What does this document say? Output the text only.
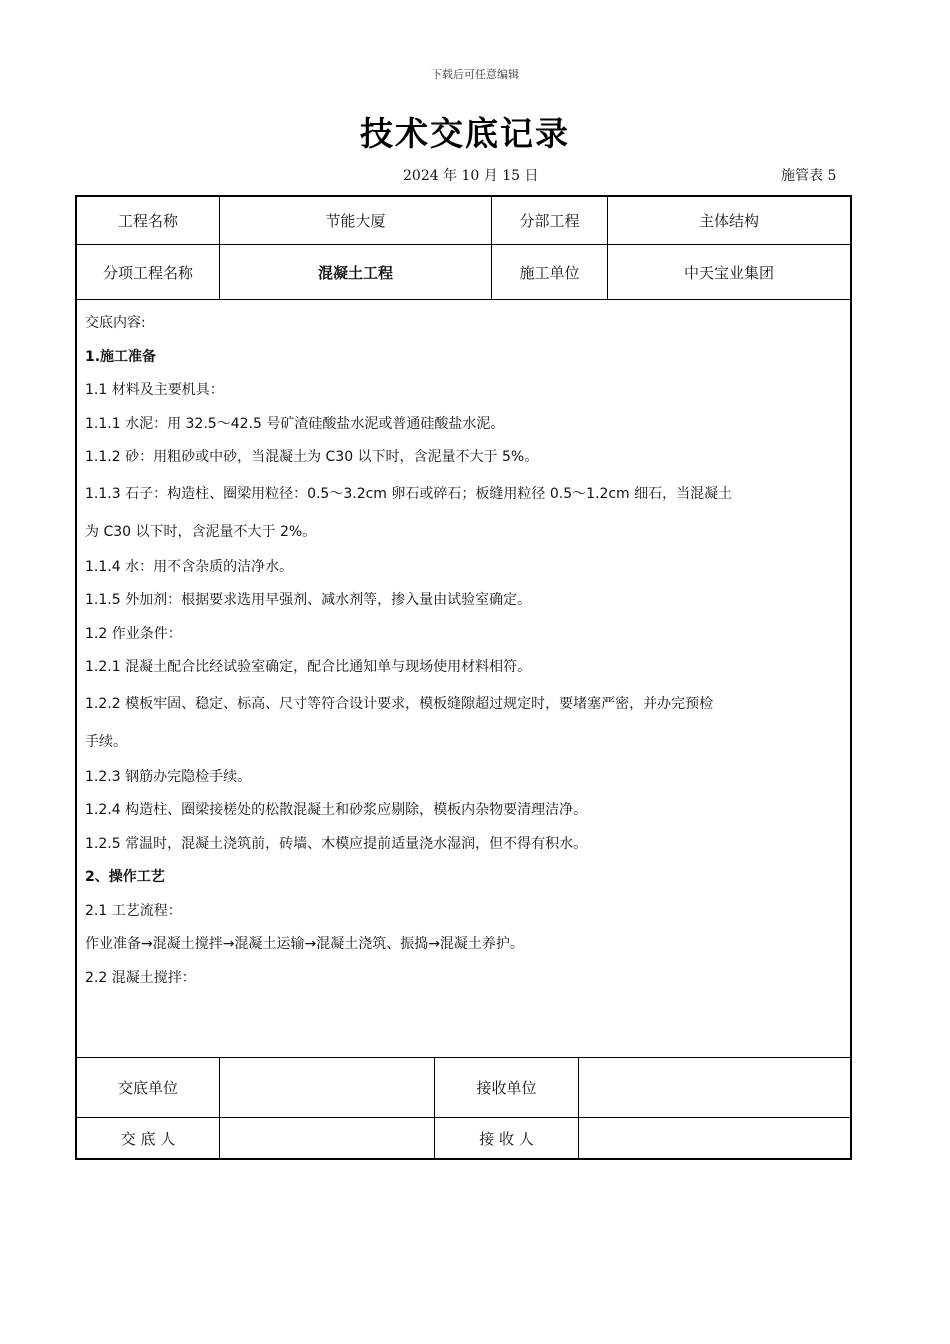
下载后可任意编辑
技术交底记录
2024 年 10 月 15 日	施管表 5
工程名称	节能大厦	分部工程	主体结构
分项工程名称	混凝土工程	施工单位	中天宝业集团
交底内容:
1.施工准备
1.1 材料及主要机具：
1.1.1 水泥：用 32.5～42.5 号矿渣硅酸盐水泥或普通硅酸盐水泥。
1.1.2 砂：用粗砂或中砂，当混凝土为 C30 以下时，含泥量不大于 5%。
1.1.3 石子：构造柱、圈梁用粒径：0.5～3.2cm 卵石或碎石；板缝用粒径 0.5～1.2cm 细石，当混凝土
为 C30 以下时，含泥量不大于 2%。
1.1.4 水：用不含杂质的洁净水。
1.1.5 外加剂：根据要求选用早强剂、减水剂等，掺入量由试验室确定。
1.2 作业条件：
1.2.1 混凝土配合比经试验室确定，配合比通知单与现场使用材料相符。
1.2.2 模板牢固、稳定、标高、尺寸等符合设计要求，模板缝隙超过规定时，要堵塞严密，并办完预检
手续。
1.2.3 钢筋办完隐检手续。
1.2.4 构造柱、圈梁接槎处的松散混凝土和砂浆应剔除，模板内杂物要清理洁净。
1.2.5 常温时，混凝土浇筑前，砖墙、木模应提前适量浇水湿润，但不得有积水。
2、操作工艺
2.1 工艺流程：
作业准备→混凝土搅拌→混凝土运输→混凝土浇筑、振捣→混凝土养护。
2.2 混凝土搅拌：
交底单位	接收单位
交 底 人	接 收 人
